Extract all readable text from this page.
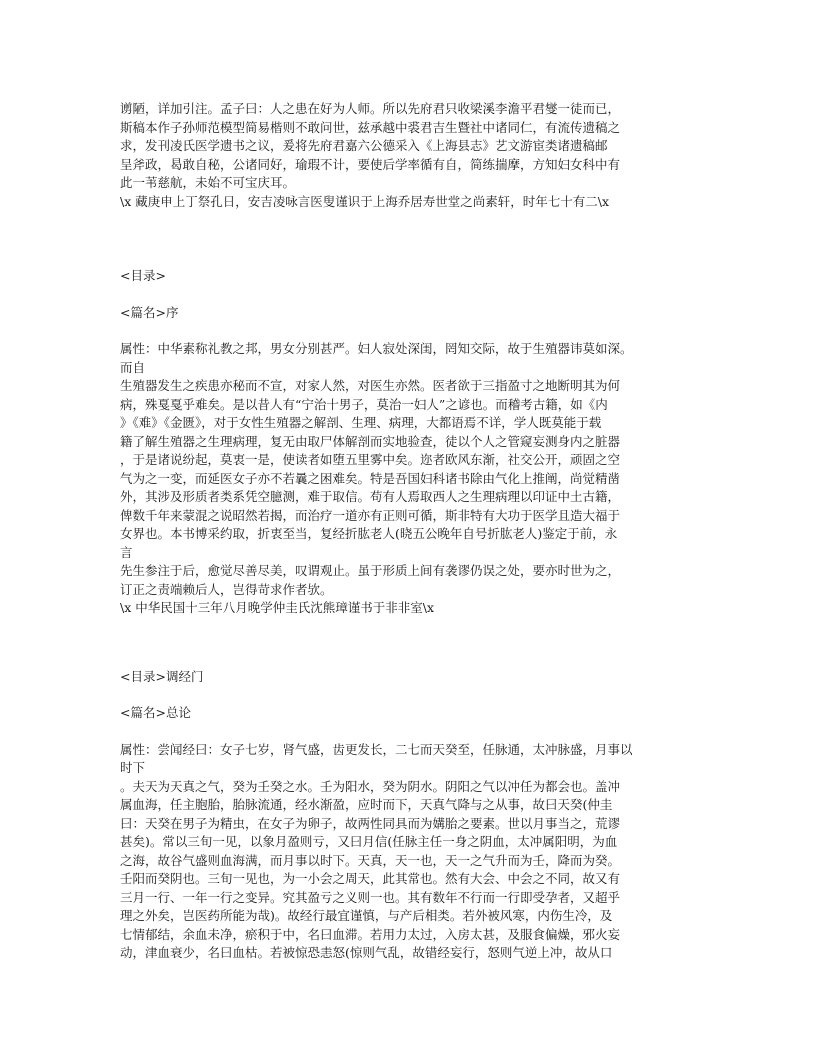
谫陋，详加引注。孟子曰：人之患在好为人师。所以先府君只收梁溪李澹平君燮一徒而已，
斯稿本作子孙师范模型简易楷则不敢问世，兹承越中裘君吉生暨社中诸同仁，有流传遗稿之
求，发刊凌氏医学遗书之议，爰将先府君嘉六公德采入《上海县志》艺文游宦类诸遗稿邮
呈斧政，曷敢自秘，公诸同好，瑜瑕不计，要使后学率循有自，简练揣摩，方知妇女科中有
此一苇慈航，未始不可宝庆耳。
\x 藏庚申上丁祭孔日，安吉凌咏言医叟谨识于上海乔居寿世堂之尚素轩，时年七十有二\x
<目录>
<篇名>序
属性：中华素称礼教之邦，男女分别甚严。妇人寂处深闺，罔知交际，故于生殖器讳莫如深。
而自
生殖器发生之疾患亦秘而不宣，对家人然，对医生亦然。医者欲于三指盈寸之地断明其为何
病，殊戛戛乎难矣。是以昔人有“宁治十男子，莫治一妇人”之谚也。而稽考古籍，如《内
》《难》《金匮》，对于女性生殖器之解剖、生理、病理，大都语焉不详，学人既莫能于载
籍了解生殖器之生理病理，复无由取尸体解剖而实地验查，徒以个人之管窥妄测身内之脏器
，于是诸说纷起，莫衷一是，使读者如堕五里雾中矣。迩者欧风东渐，社交公开，顽固之空
气为之一变，而延医女子亦不若曩之困难矣。特是吾国妇科诸书除由气化上推阐，尚觉精凿
外，其涉及形质者类系凭空臆测，难于取信。苟有人焉取西人之生理病理以印证中土古籍，
俾数千年来蒙混之说昭然若揭，而治疗一道亦有正则可循，斯非特有大功于医学且造大福于
女界也。本书博采约取，折衷至当，复经折肱老人(晓五公晚年自号折肱老人)鉴定于前，永
言
先生参注于后，愈觉尽善尽美，叹谓观止。虽于形质上间有袭谬仍误之处，要亦时世为之，
订正之责端赖后人，岂得苛求作者欤。
\x 中华民国十三年八月晚学仲圭氏沈熊璋谨书于非非室\x
<目录>调经门
<篇名>总论
属性：尝闻经曰：女子七岁，肾气盛，齿更发长，二七而天癸至，任脉通，太冲脉盛，月事以
时下
。夫天为天真之气，癸为壬癸之水。壬为阳水，癸为阴水。阴阳之气以冲任为都会也。盖冲
属血海，任主胞胎，胎脉流通，经水渐盈，应时而下，天真气降与之从事，故曰天癸(仲圭
曰：天癸在男子为精虫，在女子为卵子，故两性同具而为媾胎之要素。世以月事当之，荒谬
甚矣)。常以三旬一见，以象月盈则亏，又曰月信(任脉主任一身之阴血，太冲属阳明，为血
之海，故谷气盛则血海满，而月事以时下。天真，天一也，天一之气升而为壬，降而为癸。
壬阳而癸阴也。三旬一见也，为一小会之周天，此其常也。然有大会、中会之不同，故又有
三月一行、一年一行之变异。究其盈亏之义则一也。其有数年不行而一行即受孕者，又超乎
理之外矣，岂医药所能为哉)。故经行最宜谨慎，与产后相类。若外被风寒，内伤生冷，及
七情郁结，余血未净，瘀积于中，名曰血滞。若用力太过，入房太甚，及服食偏燥，邪火妄
动，津血衰少，名曰血枯。若被惊恐恚怒(惊则气乱，故错经妄行，怒则气逆上冲，故从口
